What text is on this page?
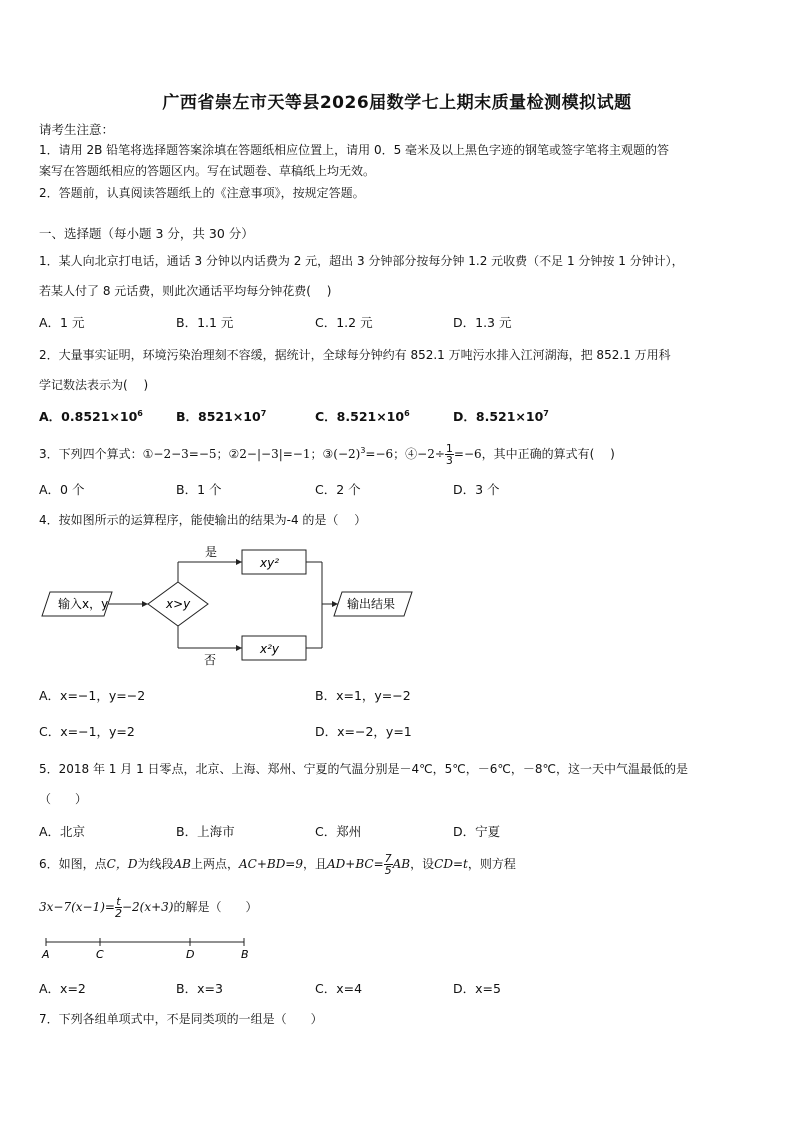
广西省崇左市天等县2026届数学七上期末质量检测模拟试题
请考生注意：
1．请用 2B 铅笔将选择题答案涂填在答题纸相应位置上，请用 0．5 毫米及以上黑色字迹的钢笔或签字笔将主观题的答
案写在答题纸相应的答题区内。写在试题卷、草稿纸上均无效。
2．答题前，认真阅读答题纸上的《注意事项》，按规定答题。
一、选择题（每小题 3 分，共 30 分）
1．某人向北京打电话，通话 3 分钟以内话费为 2 元，超出 3 分钟部分按每分钟 1.2 元收费（不足 1 分钟按 1 分钟计），
若某人付了 8 元话费，则此次通话平均每分钟花费(　 )
A．1 元	B．1.1 元	C．1.2 元	D．1.3 元
2．大量事实证明，环境污染治理刻不容缓，据统计，全球每分钟约有 852.1 万吨污水排入江河湖海，把 852.1 万用科
学记数法表示为(　 )
A．$0.8521\times 10^6$	B．$8521\times 10^7$	C．$8.521\times 10^6$	D．$8.521\times 10^7$
3．下列四个算式：①−2−3=−5；②2−|−3|=−1；$③(-2)^3=-6$；④−2÷ $\frac{1}{3} =-6$，其中正确的算式有(　 )
A．0 个	B．1 个	C．2 个	D．3 个
4．按如图所示的运算程序，能使输出的结果为-4 的是（　 ）
输入x，y	x>y
是
xy²
否
x²y
输出结果
A．x=−1，y=−2	B．x=1，y=−2
C．x=−1，y=2	D．x=−2，y=1
5．2018 年 1 月 1 日零点，北京、上海、郑州、宁夏的气温分别是－4℃，5℃，－6℃，－8℃，这一天中气温最低的是
（　　）
A．北京	B．上海市	C．郑州	D．宁夏
6．如图，点C，D为线段AB上两点，AC+BD=9，且$AD+BC= \frac{7}{5}$ AB，设CD=t，则方程
$3x-7(x-1)= \frac{t}{2} -2(x+3)$的解是（　　）
A	C	D	B
A．x=2	B．x=3	C．x=4	D．x=5
7．下列各组单项式中，不是同类项的一组是（　　）
